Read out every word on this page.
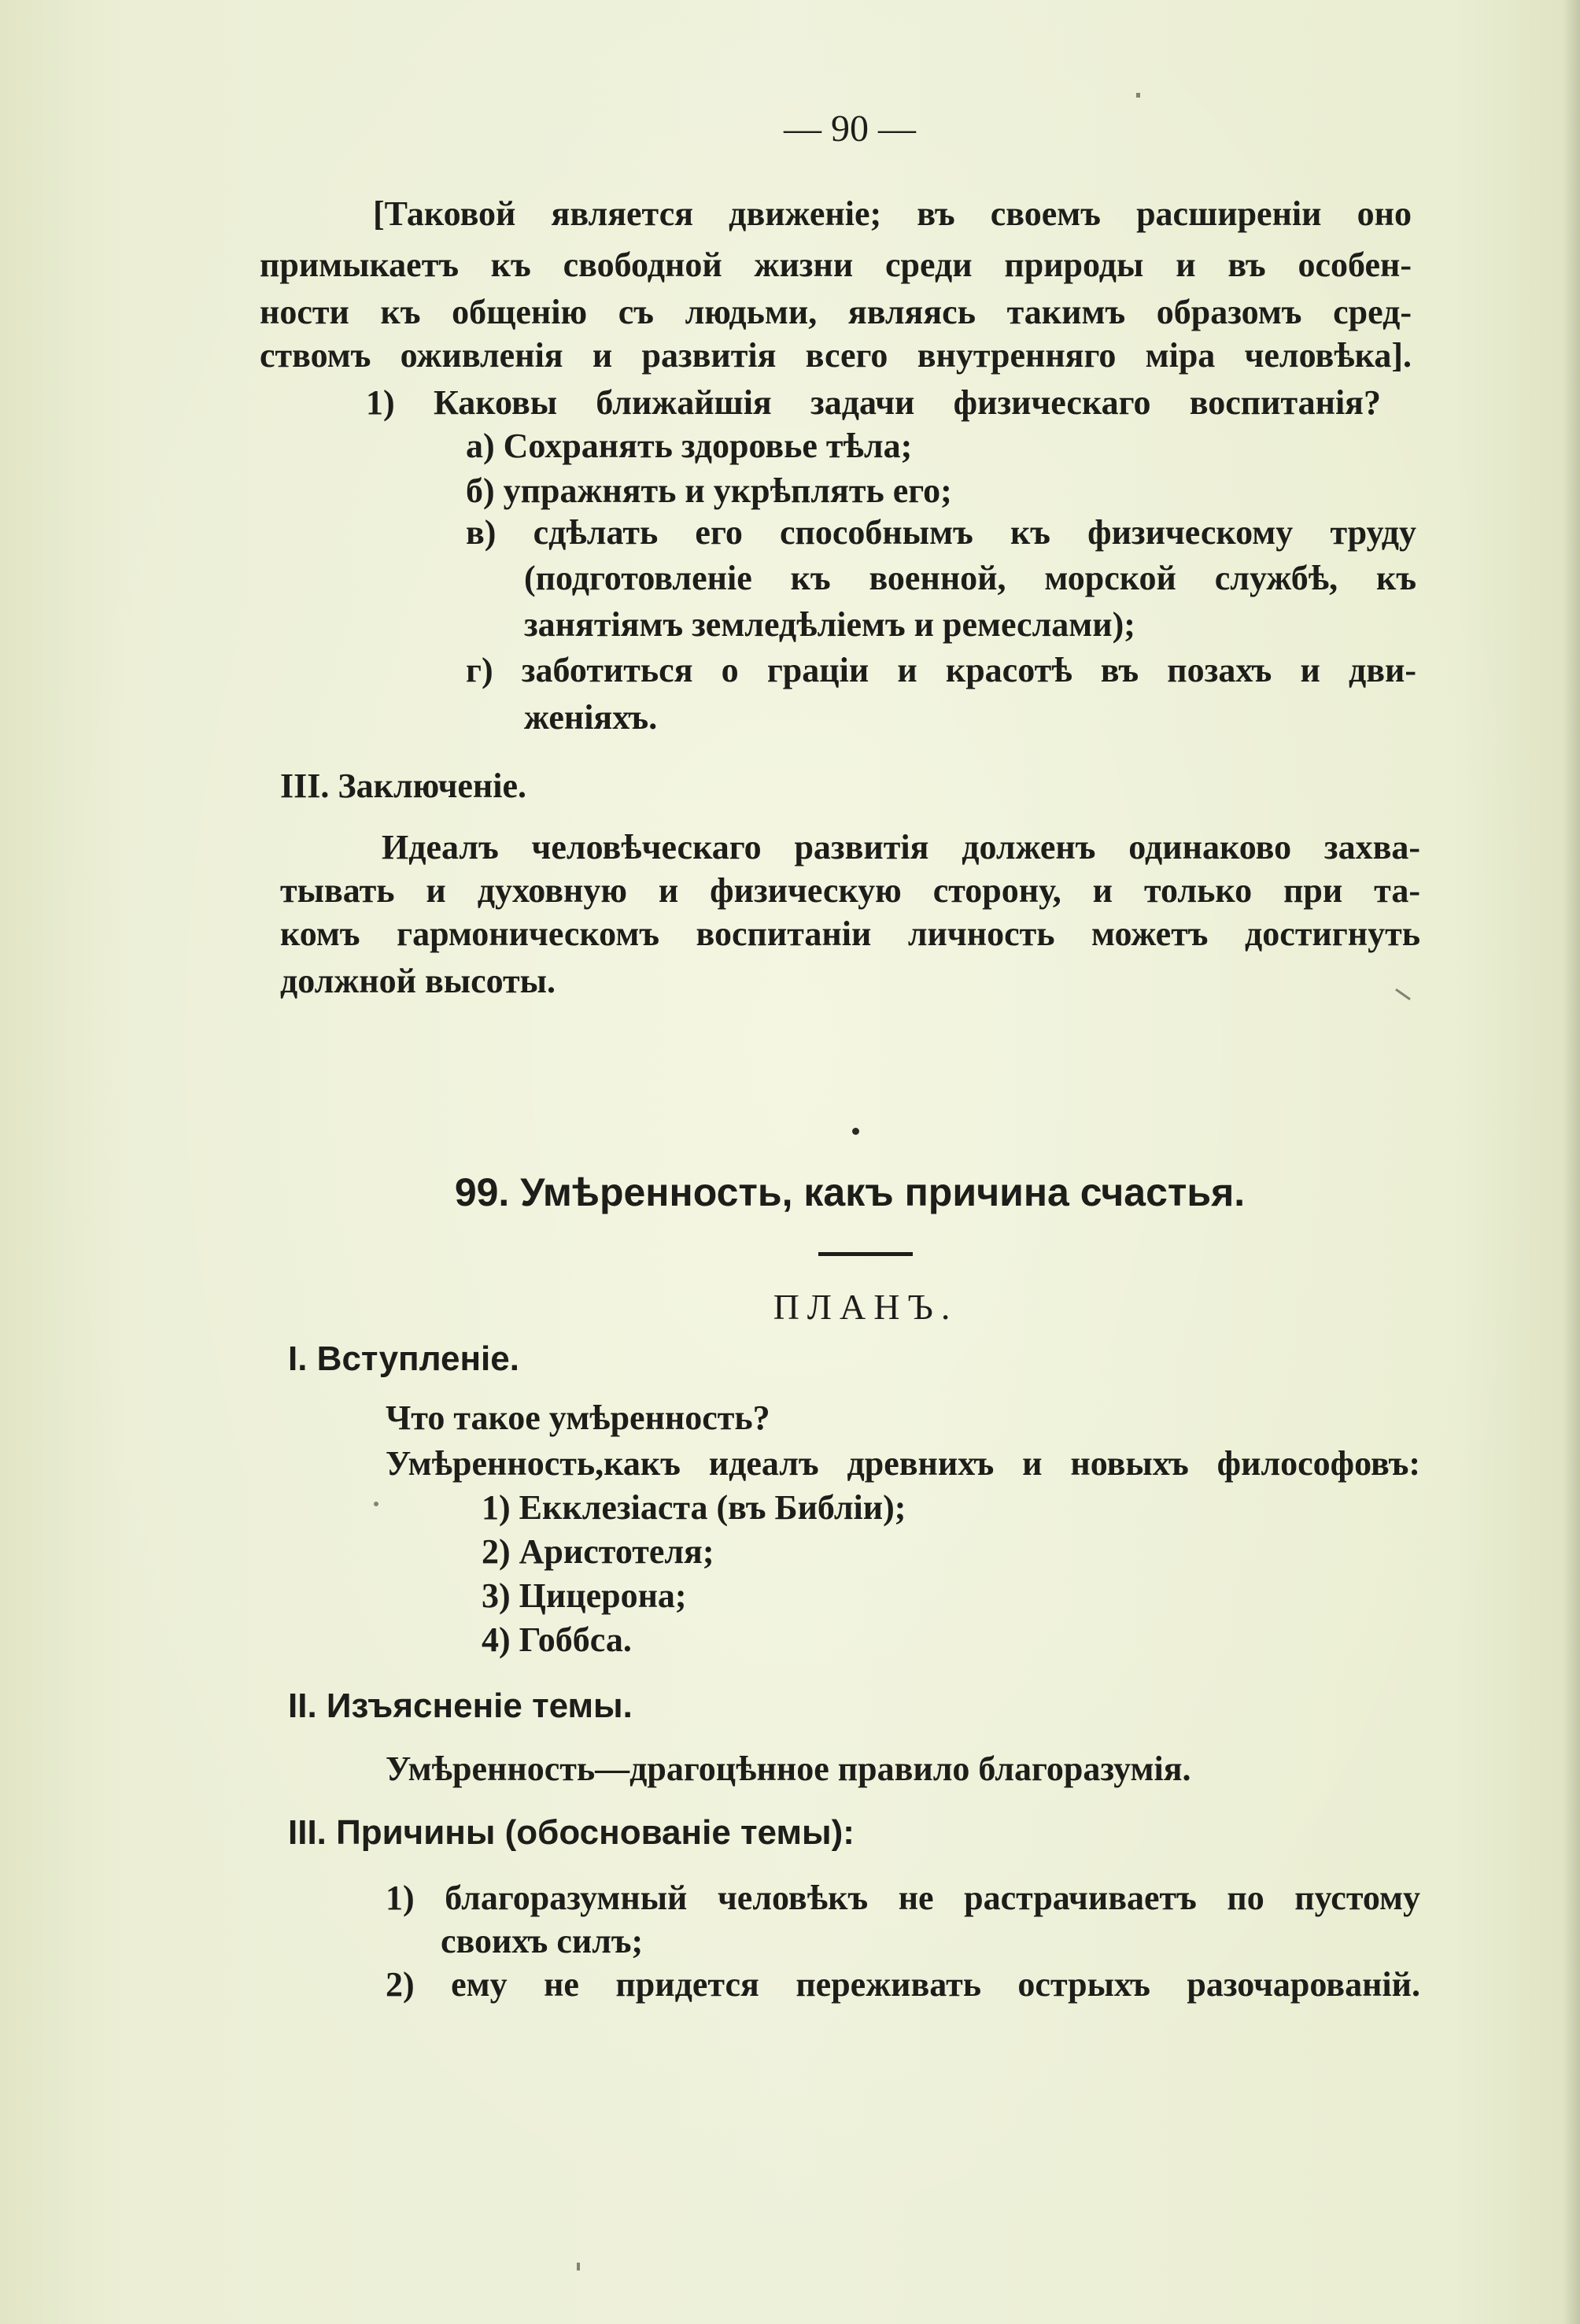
— 90 —
[Таковой является движеніе; въ своемъ расширеніи оно
примыкаетъ къ свободной жизни среди природы и въ особен-
ности къ общенію съ людьми, являясь такимъ образомъ сред-
ствомъ оживленія и развитія всего внутренняго міра человѣка].
1) Каковы ближайшія задачи физическаго воспитанія?
а) Сохранять здоровье тѣла;
б) упражнять и укрѣплять его;
в) сдѣлать его способнымъ къ физическому труду
(подготовленіе къ военной, морской службѣ, къ
занятіямъ земледѣліемъ и ремеслами);
г) заботиться о граціи и красотѣ въ позахъ и дви-
женіяхъ.
III. Заключеніе.
Идеалъ человѣческаго развитія долженъ одинаково захва-
тывать и духовную и физическую сторону, и только при та-
комъ гармоническомъ воспитаніи личность можетъ достигнуть
должной высоты.
99. Умѣренность, какъ причина счастья.
ПЛАНЪ.
I. Вступленіе.
Что такое умѣренность?
Умѣренность,какъ идеалъ древнихъ и новыхъ философовъ:
1) Екклезіаста (въ Библіи);
2) Аристотеля;
3) Цицерона;
4) Гоббса.
II. Изъясненіе темы.
Умѣренность—драгоцѣнное правило благоразумія.
III. Причины (обоснованіе темы):
1) благоразумный человѣкъ не растрачиваетъ по пустому
своихъ силъ;
2) ему не придется переживать острыхъ разочарованій.
